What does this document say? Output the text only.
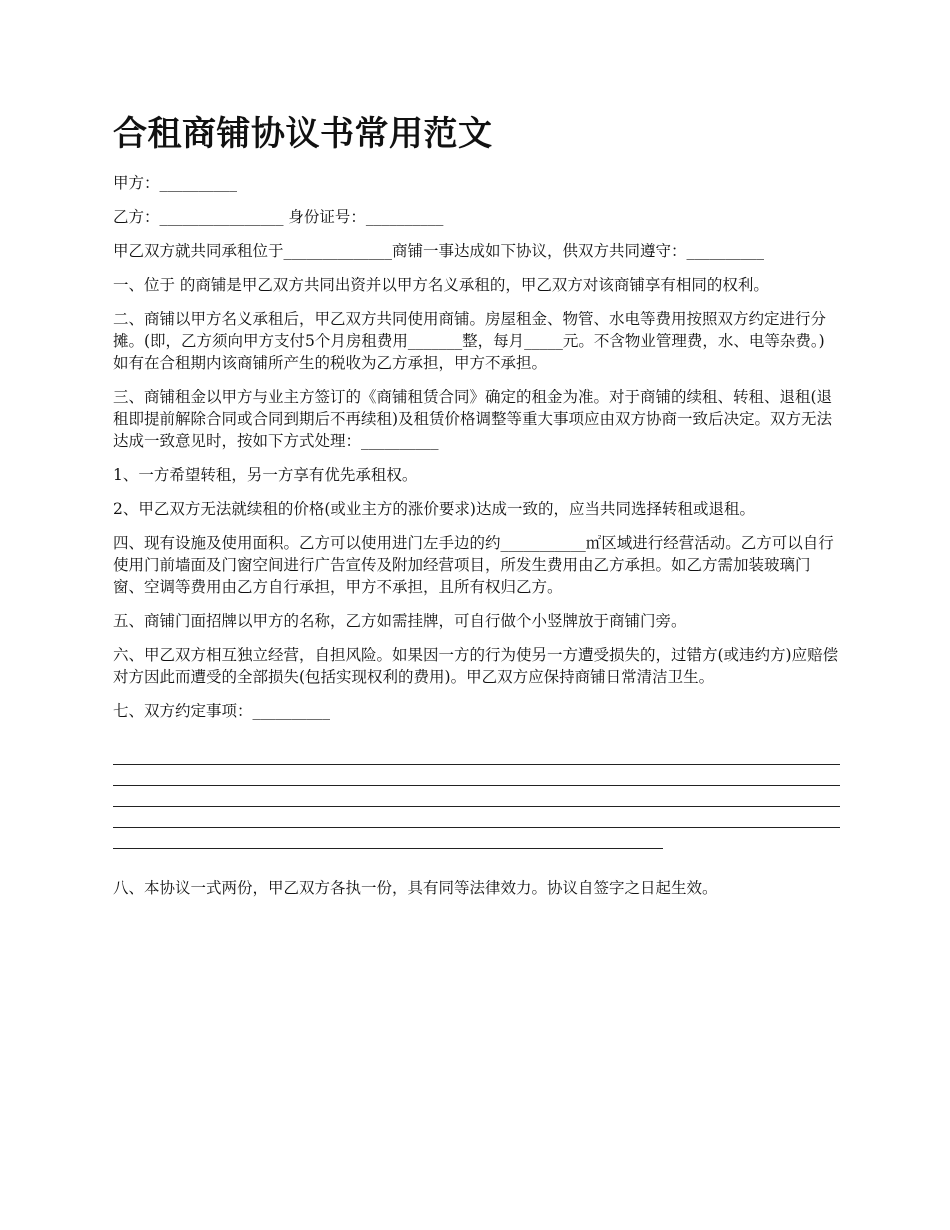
合租商铺协议书常用范文

甲方：__________

乙方：________________ 身份证号：__________

甲乙双方就共同承租位于______________商铺一事达成如下协议，供双方共同遵守：__________

一、位于 的商铺是甲乙双方共同出资并以甲方名义承租的，甲乙双方对该商铺享有相同的权利。

二、商铺以甲方名义承租后，甲乙双方共同使用商铺。房屋租金、物管、水电等费用按照双方约定进行分摊。(即，乙方须向甲方支付5个月房租费用_______整，每月_____元。不含物业管理费，水、电等杂费。)如有在合租期内该商铺所产生的税收为乙方承担，甲方不承担。

三、商铺租金以甲方与业主方签订的《商铺租赁合同》确定的租金为准。对于商铺的续租、转租、退租(退租即提前解除合同或合同到期后不再续租)及租赁价格调整等重大事项应由双方协商一致后决定。双方无法达成一致意见时，按如下方式处理：__________

1、一方希望转租，另一方享有优先承租权。

2、甲乙双方无法就续租的价格(或业主方的涨价要求)达成一致的，应当共同选择转租或退租。

四、现有设施及使用面积。乙方可以使用进门左手边的约___________㎡区域进行经营活动。乙方可以自行使用门前墙面及门窗空间进行广告宣传及附加经营项目，所发生费用由乙方承担。如乙方需加装玻璃门窗、空调等费用由乙方自行承担，甲方不承担，且所有权归乙方。

五、商铺门面招牌以甲方的名称，乙方如需挂牌，可自行做个小竖牌放于商铺门旁。

六、甲乙双方相互独立经营，自担风险。如果因一方的行为使另一方遭受损失的，过错方(或违约方)应赔偿对方因此而遭受的全部损失(包括实现权利的费用)。甲乙双方应保持商铺日常清洁卫生。

七、双方约定事项：__________

八、本协议一式两份，甲乙双方各执一份，具有同等法律效力。协议自签字之日起生效。
